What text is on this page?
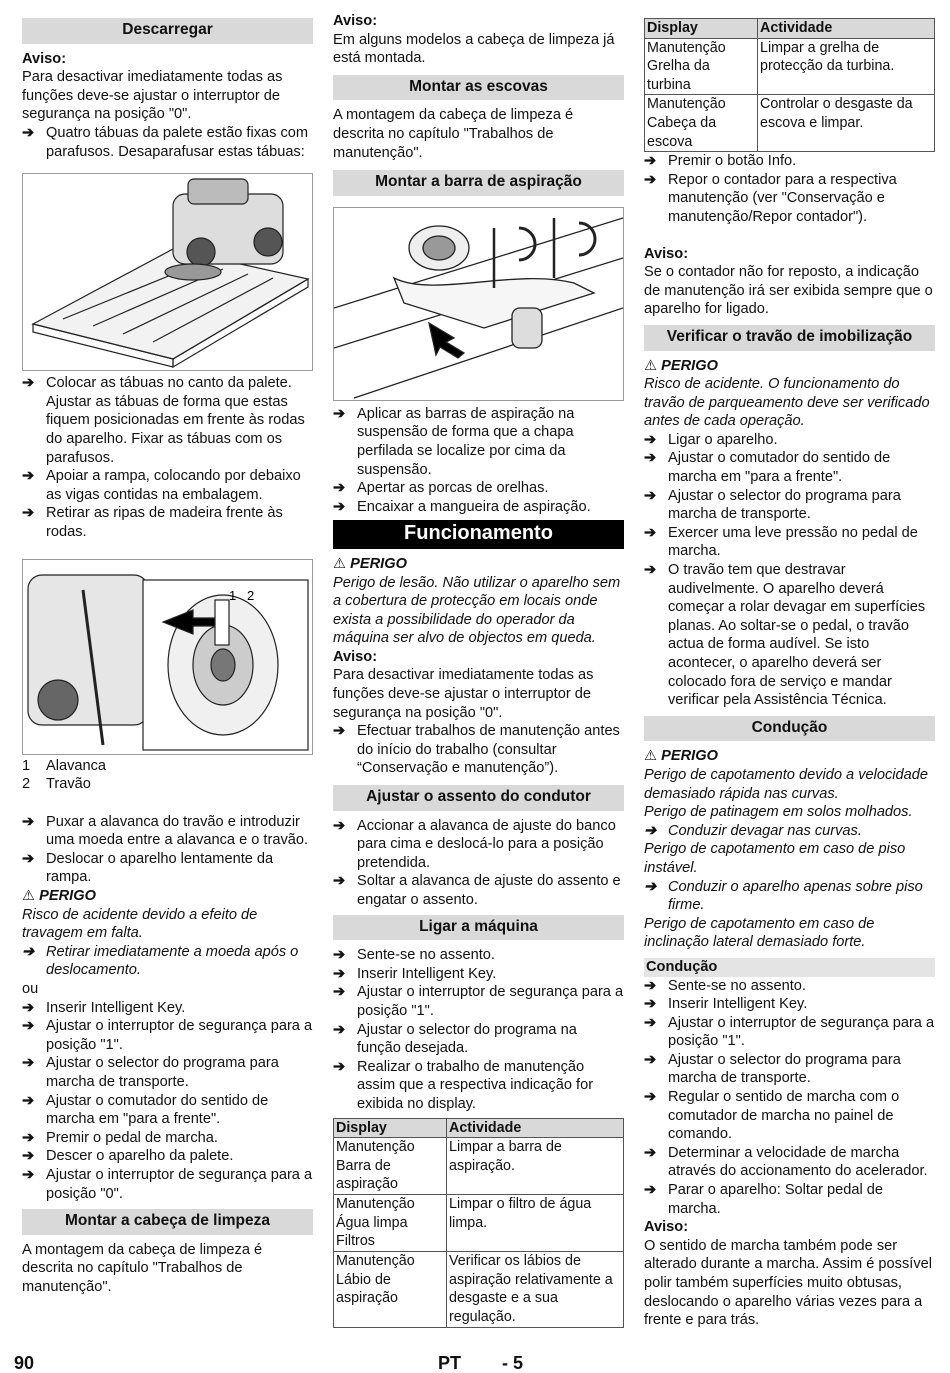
Descarregar

Aviso:

Para desactivar imediatamente todas as funções deve-se ajustar o interruptor de segurança na posição "0".

➔ Quatro tábuas da palete estão fixas com parafusos. Desaparafusar estas tábuas:
➔ Colocar as tábuas no canto da palete. Ajustar as tábuas de forma que estas fiquem posicionadas em frente às rodas do aparelho. Fixar as tábuas com os parafusos.
➔ Apoiar a rampa, colocando por debaixo as vigas contidas na embalagem.
➔ Retirar as ripas de madeira frente às rodas.
1 2
1	Alavanca
2	Travão
➔ Puxar a alavanca do travão e introduzir uma moeda entre a alavanca e o travão.
➔ Deslocar o aparelho lentamente da rampa.

⚠ PERIGO

Risco de acidente devido a efeito de travagem em falta.

➔ Retirar imediatamente a moeda após o deslocamento.

ou

➔ Inserir Intelligent Key.
➔ Ajustar o interruptor de segurança para a posição "1".
➔ Ajustar o selector do programa para marcha de transporte.
➔ Ajustar o comutador do sentido de marcha em "para a frente".
➔ Premir o pedal de marcha.
➔ Descer o aparelho da palete.
➔ Ajustar o interruptor de segurança para a posição "0".
Montar a cabeça de limpeza

A montagem da cabeça de limpeza é descrita no capítulo "Trabalhos de manutenção".

Aviso:

Em alguns modelos a cabeça de limpeza já está montada.

Montar as escovas

A montagem da cabeça de limpeza é descrita no capítulo "Trabalhos de manutenção".

Montar a barra de aspiração
➔ Aplicar as barras de aspiração na suspensão de forma que a chapa perfilada se localize por cima da suspensão.
➔ Apertar as porcas de orelhas.
➔ Encaixar a mangueira de aspiração.
Funcionamento

⚠ PERIGO

Perigo de lesão. Não utilizar o aparelho sem a cobertura de protecção em locais onde exista a possibilidade do operador da máquina ser alvo de objectos em queda.

Aviso:

Para desactivar imediatamente todas as funções deve-se ajustar o interruptor de segurança na posição "0".

➔ Efectuar trabalhos de manutenção antes do início do trabalho (consultar “Conservação e manutenção”).
Ajustar o assento do condutor
➔ Accionar a alavanca de ajuste do banco para cima e deslocá-lo para a posição pretendida.
➔ Soltar a alavanca de ajuste do assento e engatar o assento.
Ligar a máquina
➔ Sente-se no assento.
➔ Inserir Intelligent Key.
➔ Ajustar o interruptor de segurança para a posição "1".
➔ Ajustar o selector do programa na função desejada.
➔ Realizar o trabalho de manutenção assim que a respectiva indicação for exibida no display.
Display	Actividade
Manutenção Barra de aspiração	Limpar a barra de aspiração.
Manutenção Água limpa Filtros	Limpar o filtro de água limpa.
Manutenção Lábio de aspiração	Verificar os lábios de aspiração relativamente a desgaste e a sua regulação.
Display	Actividade
Manutenção Grelha da turbina	Limpar a grelha de protecção da turbina.
Manutenção Cabeça da escova	Controlar o desgaste da escova e limpar.
➔ Premir o botão Info.
➔ Repor o contador para a respectiva manutenção (ver "Conservação e manutenção/Repor contador").

Aviso:

Se o contador não for reposto, a indicação de manutenção irá ser exibida sempre que o aparelho for ligado.

Verificar o travão de imobilização

⚠ PERIGO

Risco de acidente. O funcionamento do travão de parqueamento deve ser verificado antes de cada operação.

➔ Ligar o aparelho.
➔ Ajustar o comutador do sentido de marcha em "para a frente".
➔ Ajustar o selector do programa para marcha de transporte.
➔ Exercer uma leve pressão no pedal de marcha.
➔ O travão tem que destravar audivelmente. O aparelho deverá começar a rolar devagar em superfícies planas. Ao soltar-se o pedal, o travão actua de forma audível. Se isto acontecer, o aparelho deverá ser colocado fora de serviço e mandar verificar pela Assistência Técnica.
Condução

⚠ PERIGO

Perigo de capotamento devido a velocidade demasiado rápida nas curvas.

Perigo de patinagem em solos molhados.

➔ Conduzir devagar nas curvas.

Perigo de capotamento em caso de piso instável.

➔ Conduzir o aparelho apenas sobre piso firme.

Perigo de capotamento em caso de inclinação lateral demasiado forte.

Condução
➔ Sente-se no assento.
➔ Inserir Intelligent Key.
➔ Ajustar o interruptor de segurança para a posição "1".
➔ Ajustar o selector do programa para marcha de transporte.
➔ Regular o sentido de marcha com o comutador de marcha no painel de comando.
➔ Determinar a velocidade de marcha através do accionamento do acelerador.
➔ Parar o aparelho: Soltar pedal de marcha.

Aviso:

O sentido de marcha também pode ser alterado durante a marcha. Assim é possível polir também superfícies muito obtusas, deslocando o aparelho várias vezes para a frente e para trás.

90	PT - 5
